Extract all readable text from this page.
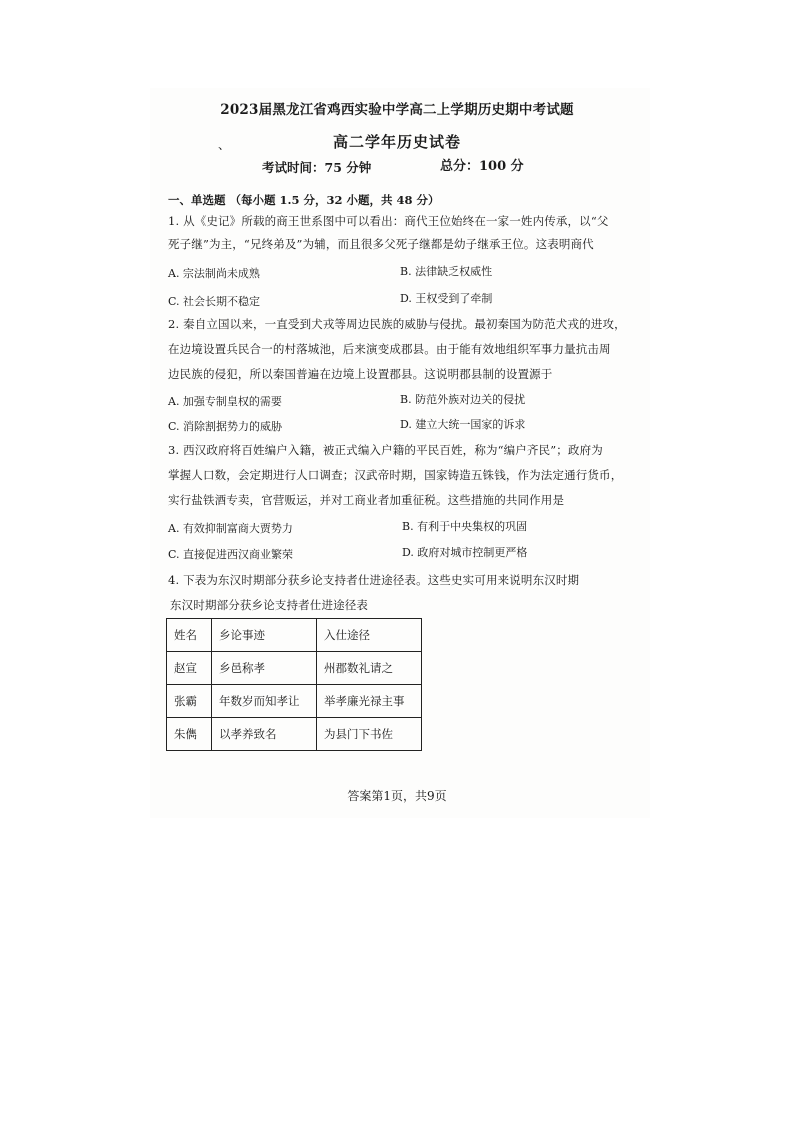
2023届黑龙江省鸡西实验中学高二上学期历史期中考试题
、	高二学年历史试卷
考试时间：75 分钟	总分：100 分
一、单选题 （每小题 1.5 分，32 小题，共 48 分）
1. 从《史记》所载的商王世系图中可以看出：商代王位始终在一家一姓内传承，以“父
死子继”为主，“兄终弟及”为辅，而且很多父死子继都是幼子继承王位。这表明商代
A. 宗法制尚未成熟	B. 法律缺乏权威性
C. 社会长期不稳定	D. 王权受到了牵制
2. 秦自立国以来，一直受到犬戎等周边民族的威胁与侵扰。最初秦国为防范犬戎的进攻，
在边境设置兵民合一的村落城池，后来演变成郡县。由于能有效地组织军事力量抗击周
边民族的侵犯，所以秦国普遍在边境上设置郡县。这说明郡县制的设置源于
A. 加强专制皇权的需要	B. 防范外族对边关的侵扰
C. 消除割据势力的威胁	D. 建立大统一国家的诉求
3. 西汉政府将百姓编户入籍，被正式编入户籍的平民百姓，称为“编户齐民”；政府为
掌握人口数，会定期进行人口调查；汉武帝时期，国家铸造五铢钱，作为法定通行货币，
实行盐铁酒专卖，官营贩运，并对工商业者加重征税。这些措施的共同作用是
A. 有效抑制富商大贾势力	B. 有利于中央集权的巩固
C. 直接促进西汉商业繁荣	D. 政府对城市控制更严格
4. 下表为东汉时期部分获乡论支持者仕进途径表。这些史实可用来说明东汉时期
东汉时期部分获乡论支持者仕进途径表
姓名	乡论事迹	入仕途径
赵宣	乡邑称孝	州郡数礼请之
张霸	年数岁而知孝让	举孝廉光禄主事
朱儁	以孝养致名	为县门下书佐
答案第1页，共9页
